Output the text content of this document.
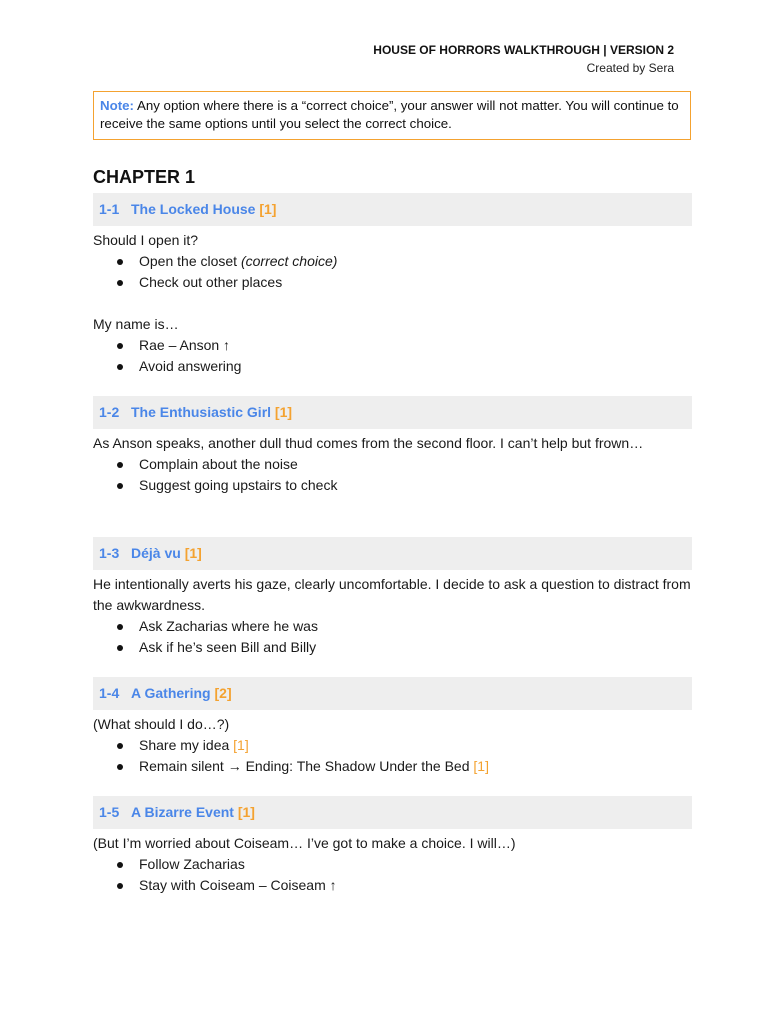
HOUSE OF HORRORS WALKTHROUGH | VERSION 2
Created by Sera
Note: Any option where there is a “correct choice”, your answer will not matter. You will continue to receive the same options until you select the correct choice.
CHAPTER 1
1-1 The Locked House [1]
Should I open it?
Open the closet (correct choice)
Check out other places
My name is…
Rae – Anson ↑
Avoid answering
1-2 The Enthusiastic Girl [1]
As Anson speaks, another dull thud comes from the second floor. I can’t help but frown…
Complain about the noise
Suggest going upstairs to check
1-3 Déjà vu [1]
He intentionally averts his gaze, clearly uncomfortable. I decide to ask a question to distract from the awkwardness.
Ask Zacharias where he was
Ask if he’s seen Bill and Billy
1-4 A Gathering [2]
(What should I do…?)
Share my idea [1]
Remain silent → Ending: The Shadow Under the Bed [1]
1-5 A Bizarre Event [1]
(But I’m worried about Coiseam… I’ve got to make a choice. I will…)
Follow Zacharias
Stay with Coiseam – Coiseam ↑
